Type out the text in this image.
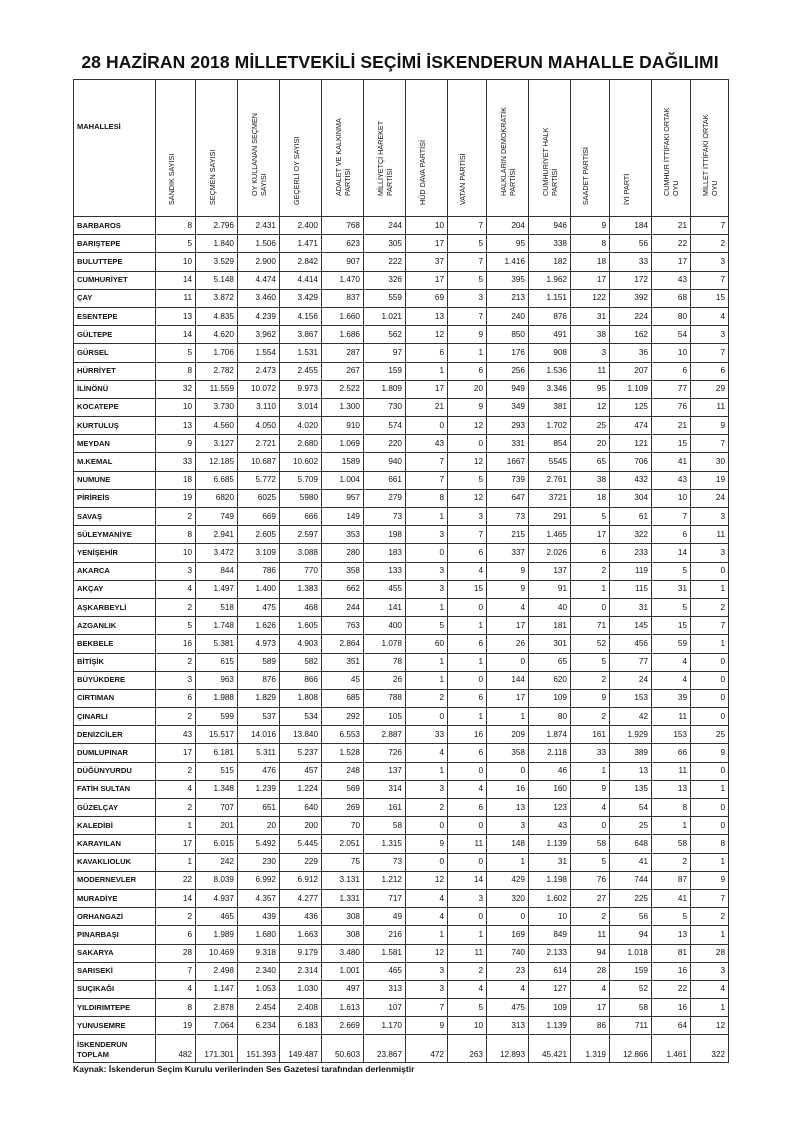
28 HAZİRAN 2018 MİLLETVEKİLİ SEÇİMİ İSKENDERUN MAHALLE DAĞILIMI
MAHALLESİ	SANDIK SAYISI	SEÇMEN SAYISI	OY KULLANAN SEÇMEN SAYISI	GEÇERLİ OY SAYISI	ADALET VE KALKINMA PARTİSİ	MİLLİYETÇİ HAREKET PARTİSİ	HÜD DAVA PARTİSİ	VATAN PARTİSİ	HALKLARIN DEMOKRATİK PARTİSİ	CUMHURİYET HALK PARTİSİ	SAADET PARTİSİ	İYİ PARTİ	CUMHUR İTTİFAKI ORTAK OYU	MİLLET İTTİFAKI ORTAK OYU

BARBAROS	8	2.796	2.431	2.400	768	244	10	7	204	946	9	184	21	7
BARIŞTEPE	5	1.840	1.506	1.471	623	305	17	5	95	338	8	56	22	2
BULUTTEPE	10	3.529	2.900	2.842	907	222	37	7	1.416	182	18	33	17	3
CUMHURİYET	14	5.148	4.474	4.414	1.470	326	17	5	395	1.962	17	172	43	7
ÇAY	11	3.872	3.460	3.429	837	559	69	3	213	1.151	122	392	68	15
ESENTEPE	13	4.835	4.239	4.156	1.660	1.021	13	7	240	876	31	224	80	4
GÜLTEPE	14	4.620	3.962	3.867	1.686	562	12	9	850	491	38	162	54	3
GÜRSEL	5	1.706	1.554	1.531	287	97	6	1	176	908	3	36	10	7
HÜRRİYET	8	2.782	2.473	2.455	267	159	1	6	256	1.536	11	207	6	6
İLİNÖNÜ	32	11.559	10.072	9.973	2.522	1.809	17	20	949	3.346	95	1.109	77	29
KOCATEPE	10	3.730	3.110	3.014	1.300	730	21	9	349	381	12	125	76	11
KURTULUŞ	13	4.560	4.050	4.020	910	574	0	12	293	1.702	25	474	21	9
MEYDAN	9	3.127	2.721	2.680	1.069	220	43	0	331	854	20	121	15	7
M.KEMAL	33	12.185	10.687	10.602	1589	940	7	12	1667	5545	65	706	41	30
NUMUNE	18	6.685	5.772	5.709	1.004	661	7	5	739	2.761	38	432	43	19
PİRİREİS	19	6820	6025	5980	957	279	8	12	647	3721	18	304	10	24
SAVAŞ	2	749	669	666	149	73	1	3	73	291	5	61	7	3
SÜLEYMANİYE	8	2.941	2.605	2.597	353	198	3	7	215	1.465	17	322	6	11
YENİŞEHİR	10	3.472	3.109	3.088	280	183	0	6	337	2.026	6	233	14	3
AKARCA	3	844	786	770	358	133	3	4	9	137	2	119	5	0
AKÇAY	4	1.497	1.400	1.383	662	455	3	15	9	91	1	115	31	1
AŞKARBEYLİ	2	518	475	468	244	141	1	0	4	40	0	31	5	2
AZGANLIK	5	1.748	1.626	1.605	763	400	5	1	17	181	71	145	15	7
BEKBELE	16	5.381	4.973	4.903	2.864	1.078	60	6	26	301	52	456	59	1
BİTİŞİK	2	615	589	582	351	78	1	1	0	65	5	77	4	0
BÜYÜKDERE	3	963	876	866	45	26	1	0	144	620	2	24	4	0
CIRTIMAN	6	1.988	1.829	1.808	685	788	2	6	17	109	9	153	39	0
ÇINARLI	2	599	537	534	292	105	0	1	1	80	2	42	11	0
DENİZCİLER	43	15.517	14.016	13.840	6.553	2.887	33	16	209	1.874	161	1.929	153	25
DUMLUPINAR	17	6.181	5.311	5.237	1.528	726	4	6	358	2.118	33	389	66	9
DÜĞÜNYURDU	2	515	476	457	248	137	1	0	0	46	1	13	11	0
FATİH SULTAN	4	1.348	1.239	1.224	569	314	3	4	16	160	9	135	13	1
GÜZELÇAY	2	707	651	640	269	161	2	6	13	123	4	54	8	0
KALEDİBİ	1	201	20	200	70	58	0	0	3	43	0	25	1	0
KARAYILAN	17	6.015	5.492	5.445	2.051	1.315	9	11	148	1.139	58	648	58	8
KAVAKLIOLUK	1	242	230	229	75	73	0	0	1	31	5	41	2	1
MODERNEVLER	22	8.039	6.992	6.912	3.131	1.212	12	14	429	1.198	76	744	87	9
MURADİYE	14	4.937	4.357	4.277	1.331	717	4	3	320	1.602	27	225	41	7
ORHANGAZİ	2	465	439	436	308	49	4	0	0	10	2	56	5	2
PINARBAŞI	6	1.989	1.680	1.663	308	216	1	1	169	849	11	94	13	1
SAKARYA	28	10.469	9.318	9.179	3.480	1.581	12	11	740	2.133	94	1.018	81	28
SARISEKİ	7	2.498	2.340	2.314	1.001	465	3	2	23	614	28	159	16	3
SUÇIKAĞI	4	1.147	1.053	1.030	497	313	3	4	4	127	4	52	22	4
YILDIRIMTEPE	8	2.878	2.454	2.408	1.613	107	7	5	475	109	17	58	16	1
YUNUSEMRE	19	7.064	6.234	6.183	2.669	1.170	9	10	313	1.139	86	711	64	12
İSKENDERUN TOPLAM	482	171.301	151.393	149.487	50.603	23.867	472	263	12.893	45.421	1.319	12.866	1.461	322
Kaynak: İskenderun Seçim Kurulu verilerinden Ses Gazetesi tarafından derlenmiştir
